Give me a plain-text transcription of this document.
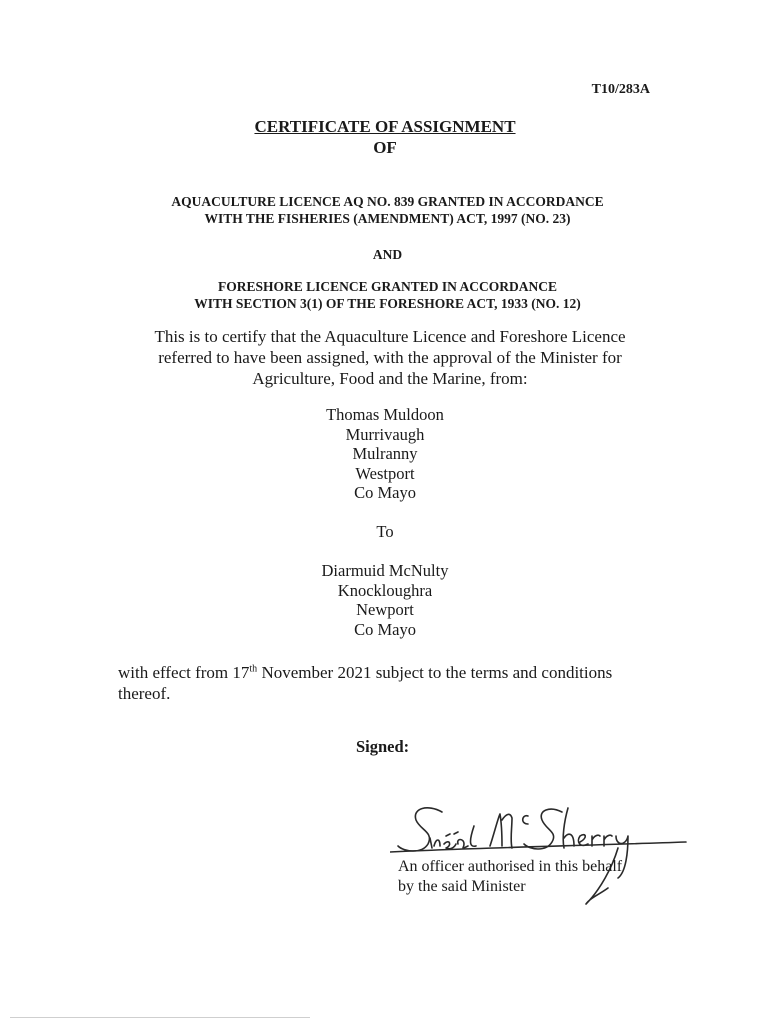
T10/283A
CERTIFICATE OF ASSIGNMENT
OF
AQUACULTURE LICENCE AQ NO. 839 GRANTED IN ACCORDANCE
WITH THE FISHERIES (AMENDMENT) ACT, 1997 (NO. 23)
AND
FORESHORE LICENCE GRANTED IN ACCORDANCE
WITH SECTION 3(1) OF THE FORESHORE ACT, 1933 (NO. 12)
This is to certify that the Aquaculture Licence and Foreshore Licence
referred to have been assigned, with the approval of the Minister for
Agriculture, Food and the Marine, from:
Thomas Muldoon
Murrivaugh
Mulranny
Westport
Co Mayo
To
Diarmuid McNulty
Knockloughra
Newport
Co Mayo
with effect from 17th November 2021 subject to the terms and conditions
thereof.
Signed:
An officer authorised in this behalf
by the said Minister
